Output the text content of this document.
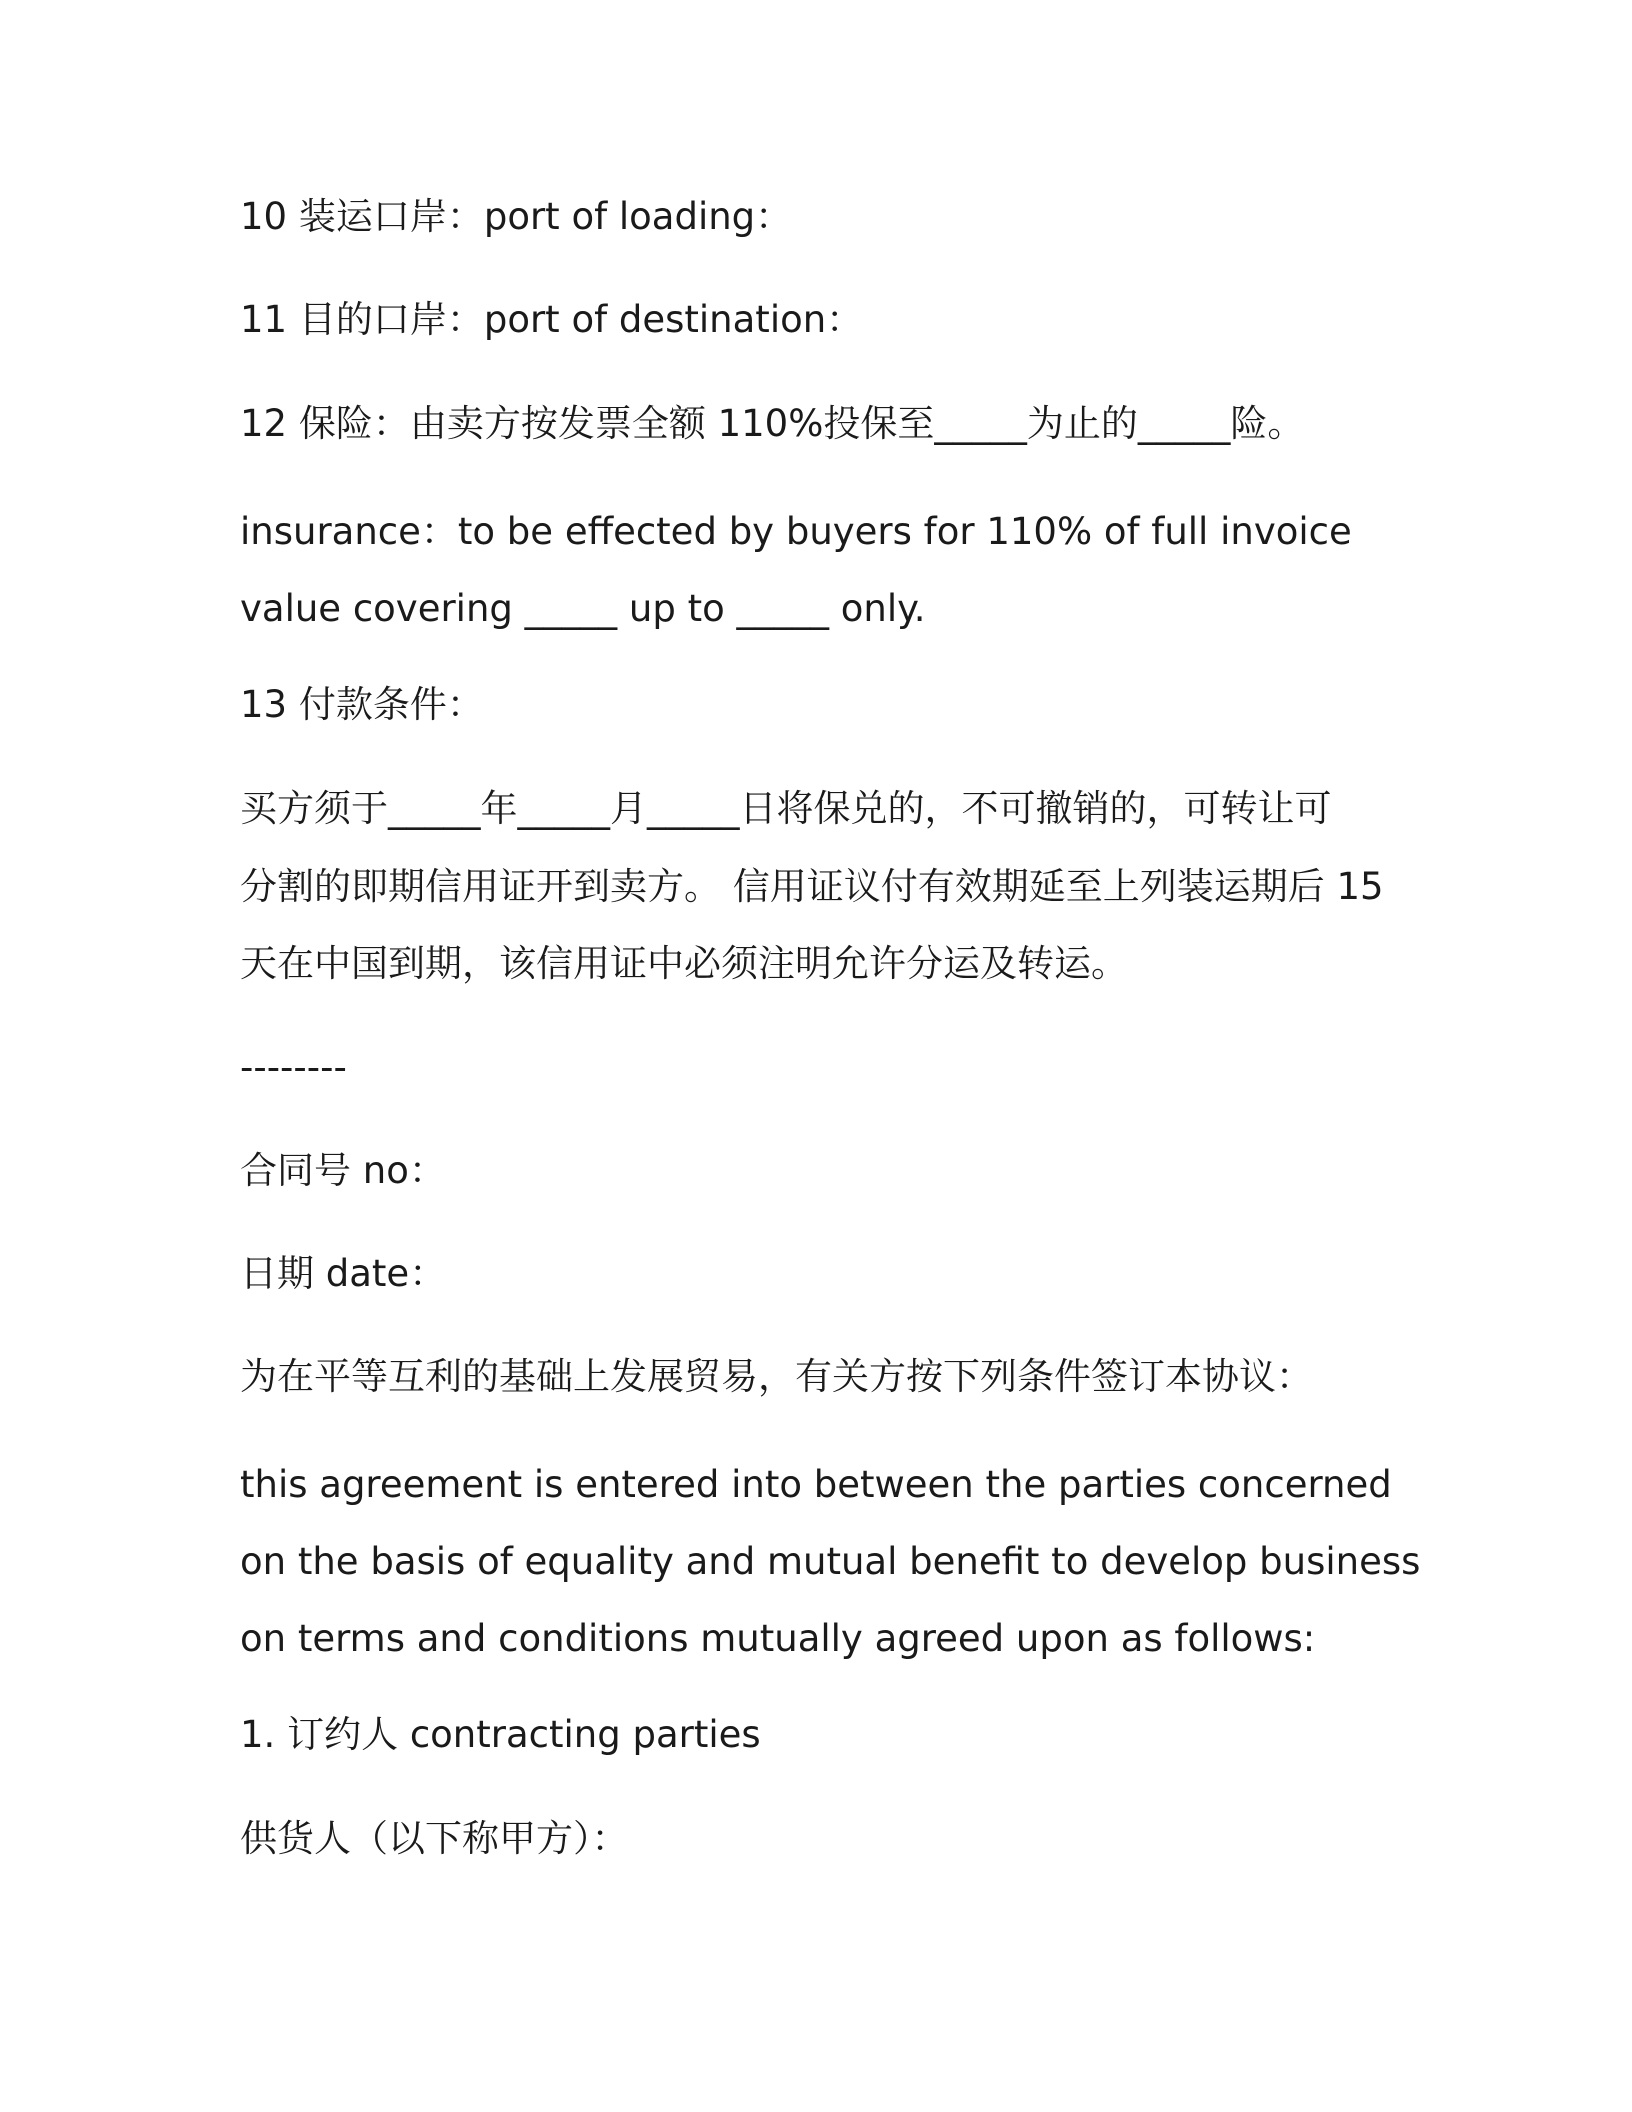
10 装运口岸：port of loading：

11 目的口岸：port of destination：

12 保险：由卖方按发票全额 110%投保至_____为止的_____险。

insurance：to be effected by buyers for 110% of full invoice

value covering _____ up to _____ only.

13 付款条件：

买方须于_____年_____月_____日将保兑的，不可撤销的，可转让可

分割的即期信用证开到卖方。 信用证议付有效期延至上列装运期后 15

天在中国到期，该信用证中必须注明允许分运及转运。

--------

合同号 no：

日期 date：

为在平等互利的基础上发展贸易，有关方按下列条件签订本协议：

this agreement is entered into between the parties concerned

on the basis of equality and mutual benefit to develop business

on terms and conditions mutually agreed upon as follows:

1. 订约人 contracting parties

供货人（以下称甲方）：
